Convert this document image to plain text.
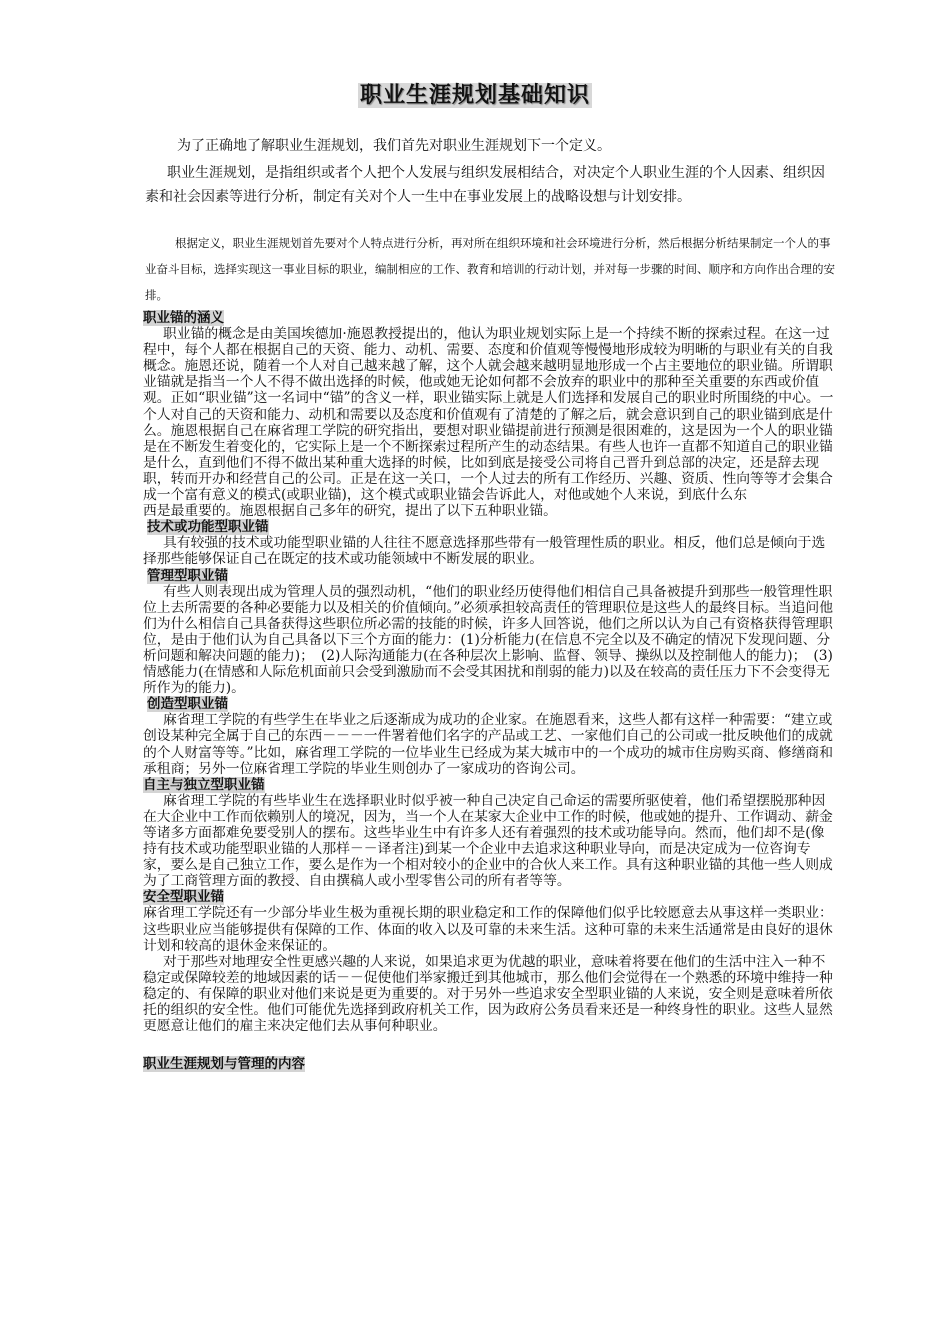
职业生涯规划基础知识

为了正确地了解职业生涯规划，我们首先对职业生涯规划下一个定义。

职业生涯规划，是指组织或者个人把个人发展与组织发展相结合，对决定个人职业生涯的个人因素、组织因素和社会因素等进行分析，制定有关对个人一生中在事业发展上的战略设想与计划安排。

根据定义，职业生涯规划首先要对个人特点进行分析，再对所在组织环境和社会环境进行分析，然后根据分析结果制定一个人的事业奋斗目标，选择实现这一事业目标的职业，编制相应的工作、教育和培训的行动计划，并对每一步骤的时间、顺序和方向作出合理的安排。

职业锚的涵义

职业锚的概念是由美国埃德加·施恩教授提出的，他认为职业规划实际上是一个持续不断的探索过程。在这一过程中，每个人都在根据自己的天资、能力、动机、需要、态度和价值观等慢慢地形成较为明晰的与职业有关的自我概念。施恩还说，随着一个人对自己越来越了解，这个人就会越来越明显地形成一个占主要地位的职业锚。所谓职业锚就是指当一个人不得不做出选择的时候，他或她无论如何都不会放弃的职业中的那种至关重要的东西或价值观。正如“职业锚”这一名词中“锚”的含义一样，职业锚实际上就是人们选择和发展自己的职业时所围绕的中心。一个人对自己的天资和能力、动机和需要以及态度和价值观有了清楚的了解之后，就会意识到自己的职业锚到底是什么。施恩根据自己在麻省理工学院的研究指出，要想对职业锚提前进行预测是很困难的，这是因为一个人的职业锚是在不断发生着变化的，它实际上是一个不断探索过程所产生的动态结果。有些人也许一直都不知道自己的职业锚是什么，直到他们不得不做出某种重大选择的时候，比如到底是接受公司将自己晋升到总部的决定，还是辞去现职，转而开办和经营自己的公司。正是在这一关口，一个人过去的所有工作经历、兴趣、资质、性向等等才会集合成一个富有意义的模式(或职业锚)，这个模式或职业锚会告诉此人，对他或她个人来说，到底什么东

西是最重要的。施恩根据自己多年的研究，提出了以下五种职业锚。

技术或功能型职业锚

具有较强的技术或功能型职业锚的人往往不愿意选择那些带有一般管理性质的职业。相反，他们总是倾向于选择那些能够保证自己在既定的技术或功能领域中不断发展的职业。

管理型职业锚

有些人则表现出成为管理人员的强烈动机，“他们的职业经历使得他们相信自己具备被提升到那些一般管理性职位上去所需要的各种必要能力以及相关的价值倾向。”必须承担较高责任的管理职位是这些人的最终目标。当追问他们为什么相信自己具备获得这些职位所必需的技能的时候，许多人回答说，他们之所以认为自己有资格获得管理职位，是由于他们认为自己具备以下三个方面的能力：(1)分析能力(在信息不完全以及不确定的情况下发现问题、分析问题和解决问题的能力)；　(2)人际沟通能力(在各种层次上影响、监督、领导、操纵以及控制他人的能力)；　(3)情感能力(在情感和人际危机面前只会受到激励而不会受其困扰和削弱的能力)以及在较高的责任压力下不会变得无所作为的能力)。

创造型职业锚

麻省理工学院的有些学生在毕业之后逐渐成为成功的企业家。在施恩看来，这些人都有这样一种需要：“建立或创设某种完全属于自己的东西－－－一件署着他们名字的产品或工艺、一家他们自己的公司或一批反映他们的成就的个人财富等等。”比如，麻省理工学院的一位毕业生已经成为某大城市中的一个成功的城市住房购买商、修缮商和承租商；另外一位麻省理工学院的毕业生则创办了一家成功的咨询公司。

自主与独立型职业锚

麻省理工学院的有些毕业生在选择职业时似乎被一种自己决定自己命运的需要所驱使着，他们希望摆脱那种因在大企业中工作而依赖别人的境况，因为，当一个人在某家大企业中工作的时候，他或她的提升、工作调动、薪金等诸多方面都难免要受别人的摆布。这些毕业生中有许多人还有着强烈的技术或功能导向。然而，他们却不是(像持有技术或功能型职业锚的人那样－－译者注)到某一个企业中去追求这种职业导向，而是决定成为一位咨询专家，要么是自己独立工作，要么是作为一个相对较小的企业中的合伙人来工作。具有这种职业锚的其他一些人则成为了工商管理方面的教授、自由撰稿人或小型零售公司的所有者等等。

安全型职业锚

麻省理工学院还有一少部分毕业生极为重视长期的职业稳定和工作的保障他们似乎比较愿意去从事这样一类职业：这些职业应当能够提供有保障的工作、体面的收入以及可靠的未来生活。这种可靠的未来生活通常是由良好的退休计划和较高的退休金来保证的。

对于那些对地理安全性更感兴趣的人来说，如果追求更为优越的职业，意味着将要在他们的生活中注入一种不稳定或保障较差的地域因素的话－－促使他们举家搬迁到其他城市，那么他们会觉得在一个熟悉的环境中维持一种稳定的、有保障的职业对他们来说是更为重要的。对于另外一些追求安全型职业锚的人来说，安全则是意味着所依托的组织的安全性。他们可能优先选择到政府机关工作，因为政府公务员看来还是一种终身性的职业。这些人显然更愿意让他们的雇主来决定他们去从事何种职业。

职业生涯规划与管理的内容
